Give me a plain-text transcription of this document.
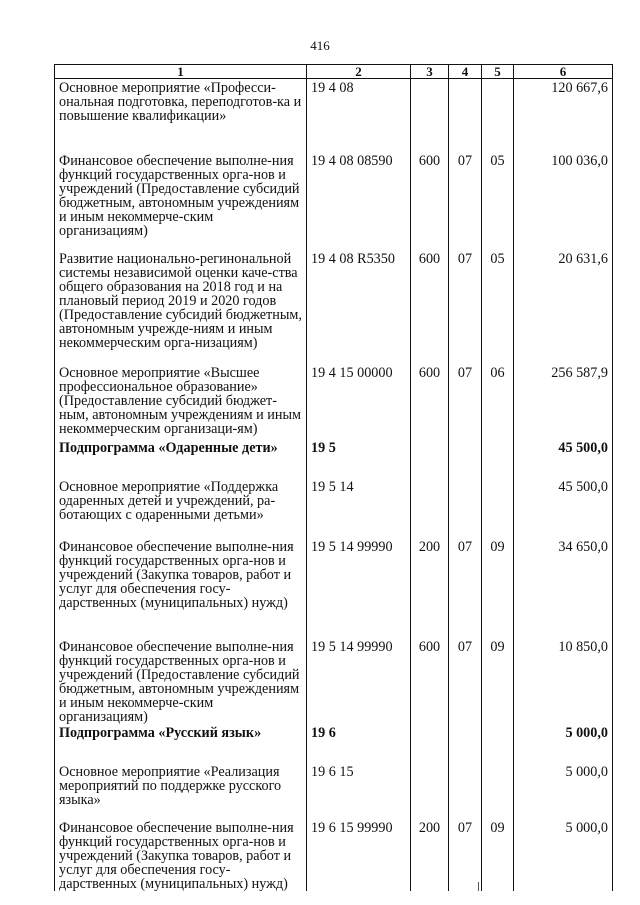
416
1	2	3	4	5	6
Основное мероприятие «Професси-ональная подготовка, переподготов-ка и повышение квалификации»	19 4 08				120 667,6
Финансовое обеспечение выполне-ния функций государственных орга-нов и учреждений (Предоставление субсидий бюджетным, автономным учреждениям и иным некоммерче-ским организациям)	19 4 08 08590	600	07	05	100 036,0
Развитие национально-регинональной системы независимой оценки каче-ства общего образования на 2018 год и на плановый период 2019 и 2020 годов (Предоставление субсидий бюджетным, автономным учрежде-ниям и иным некоммерческим орга-низациям)	19 4 08 R5350	600	07	05	20 631,6
Основное мероприятие «Высшее профессиональное образование» (Предоставление субсидий бюджет-ным, автономным учреждениям и иным некоммерческим организаци-ям)	19 4 15 00000	600	07	06	256 587,9
Подпрограмма «Одаренные дети»	19 5				45 500,0
Основное мероприятие «Поддержка одаренных детей и учреждений, ра-ботающих с одаренными детьми»	19 5 14				45 500,0
Финансовое обеспечение выполне-ния функций государственных орга-нов и учреждений (Закупка товаров, работ и услуг для обеспечения госу-дарственных (муниципальных) нужд)	19 5 14 99990	200	07	09	34 650,0
Финансовое обеспечение выполне-ния функций государственных орга-нов и учреждений (Предоставление субсидий бюджетным, автономным учреждениям и иным некоммерче-ским организациям)	19 5 14 99990	600	07	09	10 850,0
Подпрограмма «Русский язык»	19 6				5 000,0
Основное мероприятие «Реализация мероприятий по поддержке русского языка»	19 6 15				5 000,0
Финансовое обеспечение выполне-ния функций государственных орга-нов и учреждений (Закупка товаров, работ и услуг для обеспечения госу-дарственных (муниципальных) нужд)	19 6 15 99990	200	07	09	5 000,0
